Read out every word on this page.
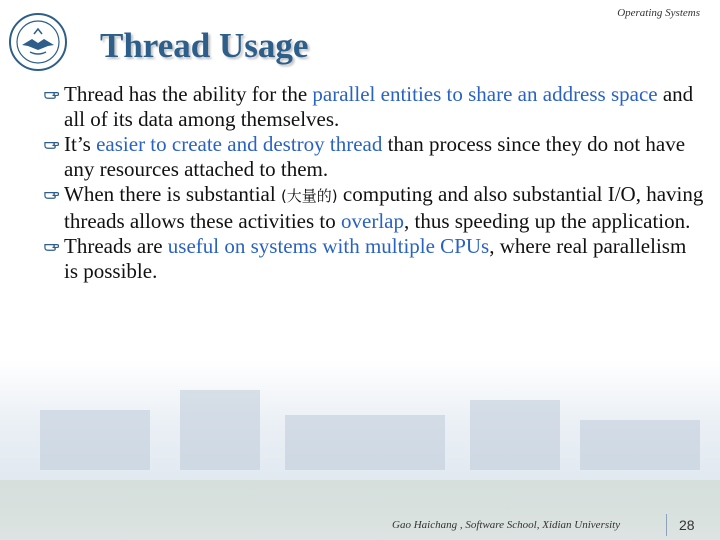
Thread Usage
Operating Systems
Thread has the ability for the parallel entities to share an address space and all of its data among themselves.
It’s easier to create and destroy thread than process since they do not have any resources attached to them.
When there is substantial (大量的) computing and also substantial I/O, having threads allows these activities to overlap, thus speeding up the application.
Threads are useful on systems with multiple CPUs, where real parallelism is possible.
Gao Haichang , Software School, Xidian University	28
